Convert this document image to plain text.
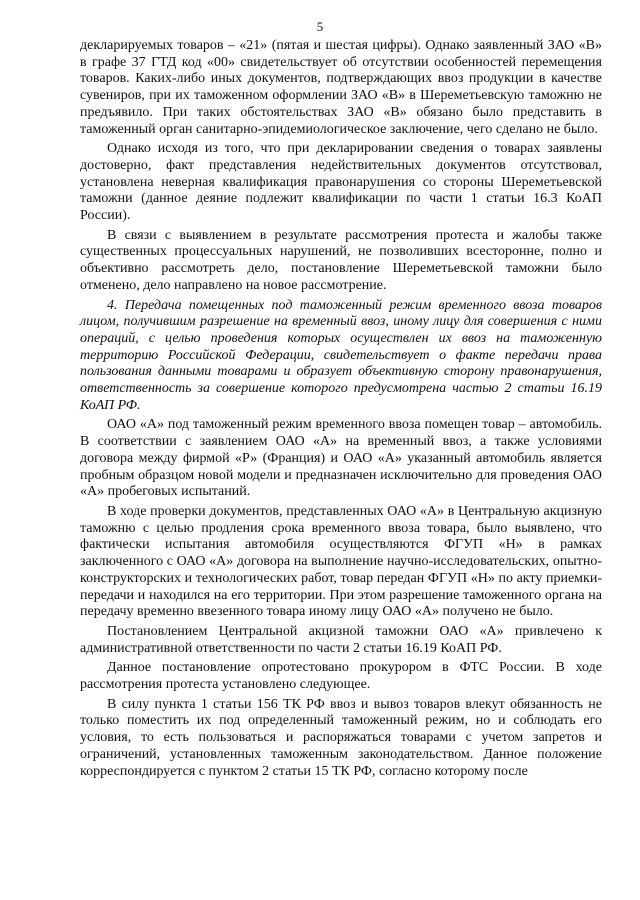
5

декларируемых товаров – «21» (пятая и шестая цифры). Однако заявленный ЗАО «В» в графе 37 ГТД код «00» свидетельствует об отсутствии особенностей перемещения товаров. Каких-либо иных документов, подтверждающих ввоз продукции в качестве сувениров, при их таможенном оформлении ЗАО «В» в Шереметьевскую таможню не предъявило. При таких обстоятельствах ЗАО «В» обязано было представить в таможенный орган санитарно-эпидемиологическое заключение, чего сделано не было.

Однако исходя из того, что при декларировании сведения о товарах заявлены достоверно, факт представления недействительных документов отсутствовал, установлена неверная квалификация правонарушения со стороны Шереметьевской таможни (данное деяние подлежит квалификации по части 1 статьи 16.3 КоАП России).

В связи с выявлением в результате рассмотрения протеста и жалобы также существенных процессуальных нарушений, не позволивших всесторонне, полно и объективно рассмотреть дело, постановление Шереметьевской таможни было отменено, дело направлено на новое рассмотрение.

4. Передача помещенных под таможенный режим временного ввоза товаров лицом, получившим разрешение на временный ввоз, иному лицу для совершения с ними операций, с целью проведения которых осуществлен их ввоз на таможенную территорию Российской Федерации, свидетельствует о факте передачи права пользования данными товарами и образует объективную сторону правонарушения, ответственность за совершение которого предусмотрена частью 2 статьи 16.19 КоАП РФ.

ОАО «А» под таможенный режим временного ввоза помещен товар – автомобиль. В соответствии с заявлением ОАО «А» на временный ввоз, а также условиями договора между фирмой «Р» (Франция) и ОАО «А» указанный автомобиль является пробным образцом новой модели и предназначен исключительно для проведения ОАО «А» пробеговых испытаний.

В ходе проверки документов, представленных ОАО «А» в Центральную акцизную таможню с целью продления срока временного ввоза товара, было выявлено, что фактически испытания автомобиля осуществляются ФГУП «Н» в рамках заключенного с ОАО «А» договора на выполнение научно-исследовательских, опытно-конструкторских и технологических работ, товар передан ФГУП «Н» по акту приемки-передачи и находился на его территории. При этом разрешение таможенного органа на передачу временно ввезенного товара иному лицу ОАО «А» получено не было.

Постановлением Центральной акцизной таможни ОАО «А» привлечено к административной ответственности по части 2 статьи 16.19 КоАП РФ.

Данное постановление опротестовано прокурором в ФТС России. В ходе рассмотрения протеста установлено следующее.

В силу пункта 1 статьи 156 ТК РФ ввоз и вывоз товаров влекут обязанность не только поместить их под определенный таможенный режим, но и соблюдать его условия, то есть пользоваться и распоряжаться товарами с учетом запретов и ограничений, установленных таможенным законодательством. Данное положение корреспондируется с пунктом 2 статьи 15 ТК РФ, согласно которому после
